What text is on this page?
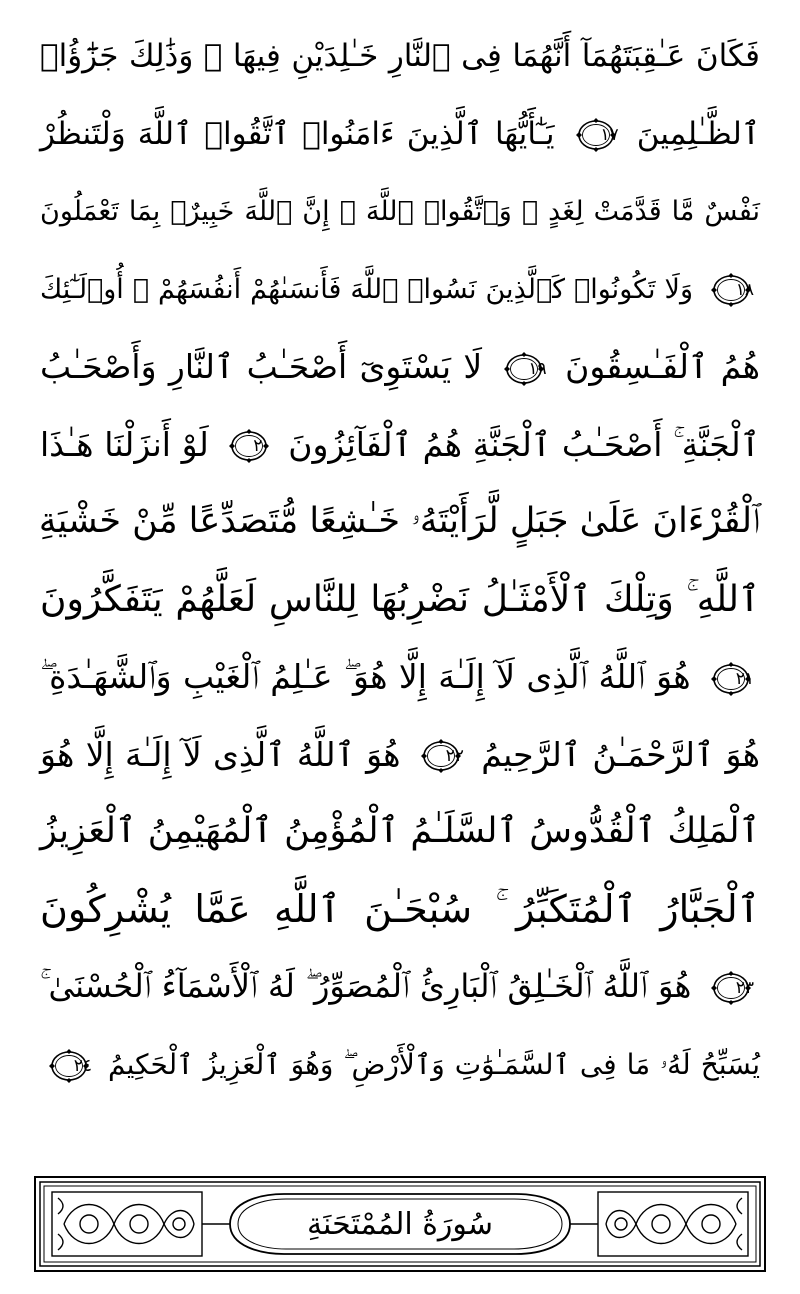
فَكَانَ عَـٰقِبَتَهُمَآ أَنَّهُمَا فِى ٱلنَّارِ خَـٰلِدَيْنِ فِيهَا ۚ وَذَٰلِكَ جَزَٰٓؤُا۟
ٱلظَّـٰلِمِينَ
١٧
يَـٰٓأَيُّهَا ٱلَّذِينَ ءَامَنُوا۟ ٱتَّقُوا۟ ٱللَّهَ وَلْتَنظُرْ
نَفْسٌ مَّا قَدَّمَتْ لِغَدٍ ۖ وَٱتَّقُوا۟ ٱللَّهَ ۚ إِنَّ ٱللَّهَ خَبِيرٌۢ بِمَا تَعْمَلُونَ
١٨
وَلَا تَكُونُوا۟ كَٱلَّذِينَ نَسُوا۟ ٱللَّهَ فَأَنسَىٰهُمْ أَنفُسَهُمْ ۚ أُو۟لَـٰٓئِكَ
هُمُ ٱلْفَـٰسِقُونَ
١٩
لَا يَسْتَوِىٓ أَصْحَـٰبُ ٱلنَّارِ وَأَصْحَـٰبُ
ٱلْجَنَّةِ ۚ أَصْحَـٰبُ ٱلْجَنَّةِ هُمُ ٱلْفَآئِزُونَ
٢٠
لَوْ أَنزَلْنَا هَـٰذَا
ٱلْقُرْءَانَ عَلَىٰ جَبَلٍ لَّرَأَيْتَهُۥ خَـٰشِعًا مُّتَصَدِّعًا مِّنْ خَشْيَةِ
ٱللَّهِ ۚ وَتِلْكَ ٱلْأَمْثَـٰلُ نَضْرِبُهَا لِلنَّاسِ لَعَلَّهُمْ يَتَفَكَّرُونَ
٢١
هُوَ ٱللَّهُ ٱلَّذِى لَآ إِلَـٰهَ إِلَّا هُوَ ۖ عَـٰلِمُ ٱلْغَيْبِ وَٱلشَّهَـٰدَةِ ۖ
هُوَ ٱلرَّحْمَـٰنُ ٱلرَّحِيمُ
٢٢
هُوَ ٱللَّهُ ٱلَّذِى لَآ إِلَـٰهَ إِلَّا هُوَ
ٱلْمَلِكُ ٱلْقُدُّوسُ ٱلسَّلَـٰمُ ٱلْمُؤْمِنُ ٱلْمُهَيْمِنُ ٱلْعَزِيزُ
ٱلْجَبَّارُ ٱلْمُتَكَبِّرُ ۚ سُبْحَـٰنَ ٱللَّهِ عَمَّا يُشْرِكُونَ
٢٣
هُوَ ٱللَّهُ ٱلْخَـٰلِقُ ٱلْبَارِئُ ٱلْمُصَوِّرُ ۖ لَهُ ٱلْأَسْمَآءُ ٱلْحُسْنَىٰ ۚ
يُسَبِّحُ لَهُۥ مَا فِى ٱلسَّمَـٰوَٰتِ وَٱلْأَرْضِ ۖ وَهُوَ ٱلْعَزِيزُ ٱلْحَكِيمُ
٢٤
سُورَةُ المُمْتَحَنَةِ
